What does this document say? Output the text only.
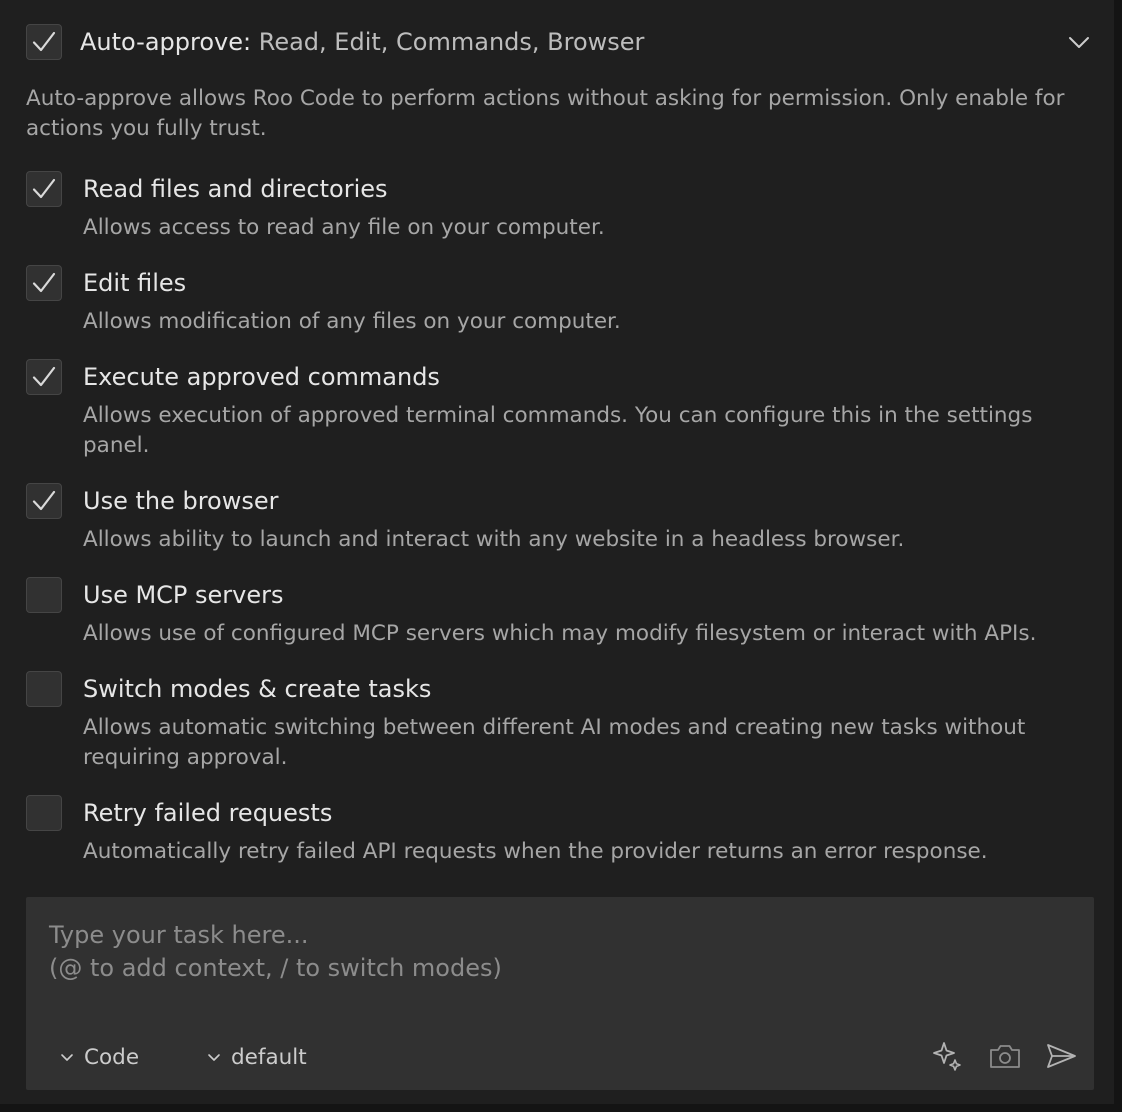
Auto-approve: Read, Edit, Commands, Browser
Auto-approve allows Roo Code to perform actions without asking for permission. Only enable for actions you fully trust.
Read files and directories
Allows access to read any file on your computer.
Edit files
Allows modification of any files on your computer.
Execute approved commands
Allows execution of approved terminal commands. You can configure this in the settings panel.
Use the browser
Allows ability to launch and interact with any website in a headless browser.
Use MCP servers
Allows use of configured MCP servers which may modify filesystem or interact with APIs.
Switch modes & create tasks
Allows automatic switching between different AI modes and creating new tasks without requiring approval.
Retry failed requests
Automatically retry failed API requests when the provider returns an error response.
Type your task here...
(@ to add context, / to switch modes)
Code	default
